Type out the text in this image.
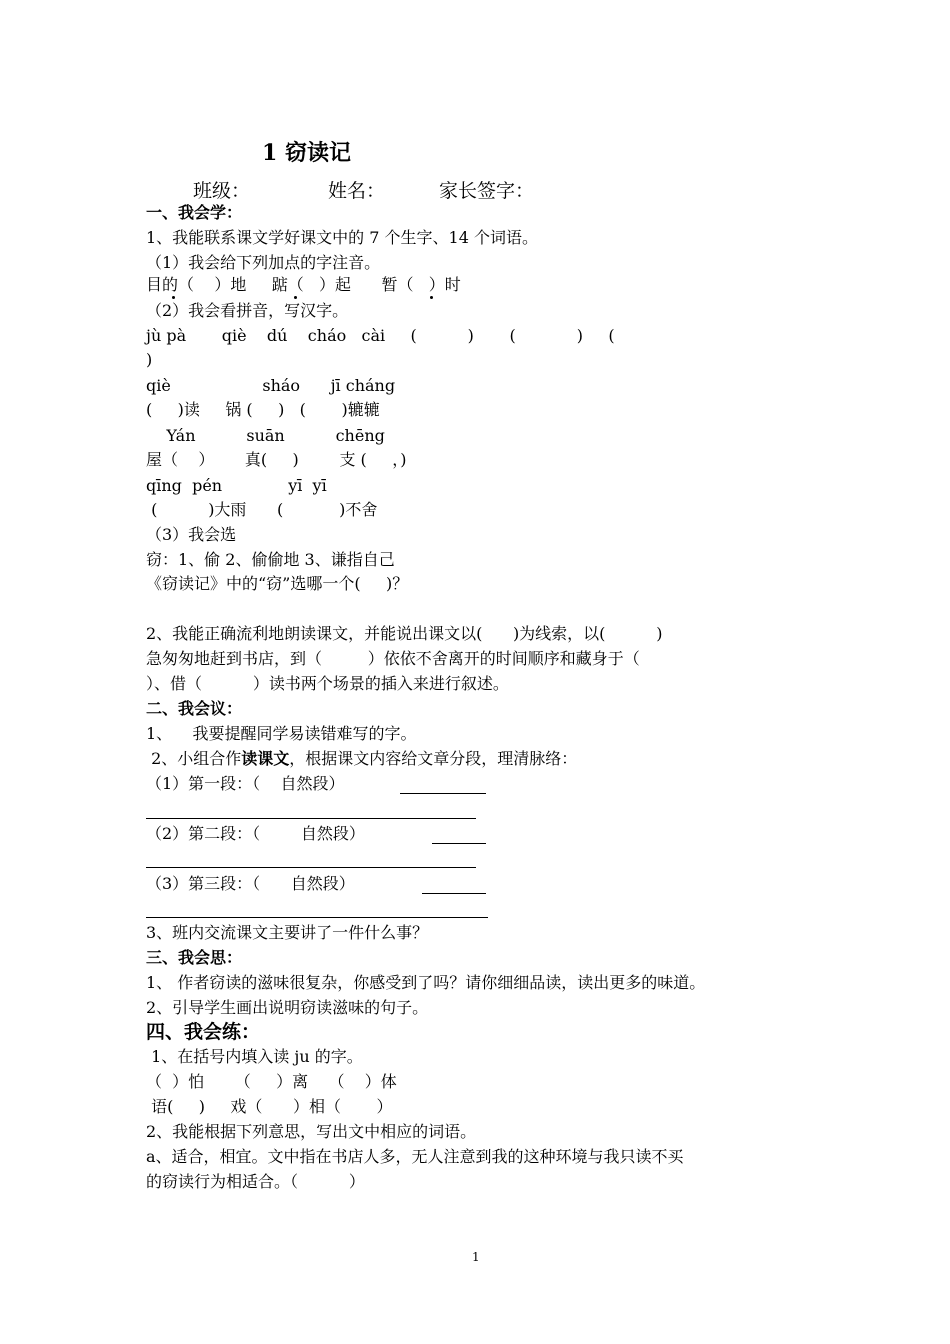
1 窃读记

班级：

	姓名：

	家长签字：

一、我会学：
1、我能联系课文学好课文中的 7 个生字、14 个词语。
（1）我会给下列加点的字注音。
目的（    ）地     踮（   ）起      暂（   ）时
（2）我会看拼音，写汉字。
jù pà       qiè    dú    cháo   cài     (          )       (            )     (
)
qiè                  sháo      jī cháng
(     )读     锅 (     )   (       )辘辘
Yán          suān          chēng
屋（    ）      真(     )        支 (     ，)
qīng  pén             yī  yī
(          )大雨      (           )不舍
（3）我会选
窃：1、偷 2、偷偷地 3、谦指自己
《窃读记》中的“窃”选哪一个(     )？
2、我能正确流利地朗读课文，并能说出课文以(      )为线索，以(          )
急匆匆地赶到书店，到（         ）依依不舍离开的时间顺序和藏身于（
）、借（          ）读书两个场景的插入来进行叙述。
二、我会议：
1、    我要提醒同学易读错难写的字。
2、小组合作读课文，根据课文内容给文章分段，理清脉络：
（1）第一段：（    自然段）
（2）第二段：（        自然段）
（3）第三段：（      自然段）
3、班内交流课文主要讲了一件什么事？
三、我会思：
1、 作者窃读的滋味很复杂，你感受到了吗？请你细细品读，读出更多的味道。
2、引导学生画出说明窃读滋味的句子。
四、我会练：
1、在括号内填入读 ju 的字。
（  ）怕      （     ）离    （    ）体
语(     )     戏（      ）相（       ）
2、我能根据下列意思，写出文中相应的词语。
a、适合，相宜。文中指在书店人多，无人注意到我的这种环境与我只读不买
的窃读行为相适合。（          ）
1
